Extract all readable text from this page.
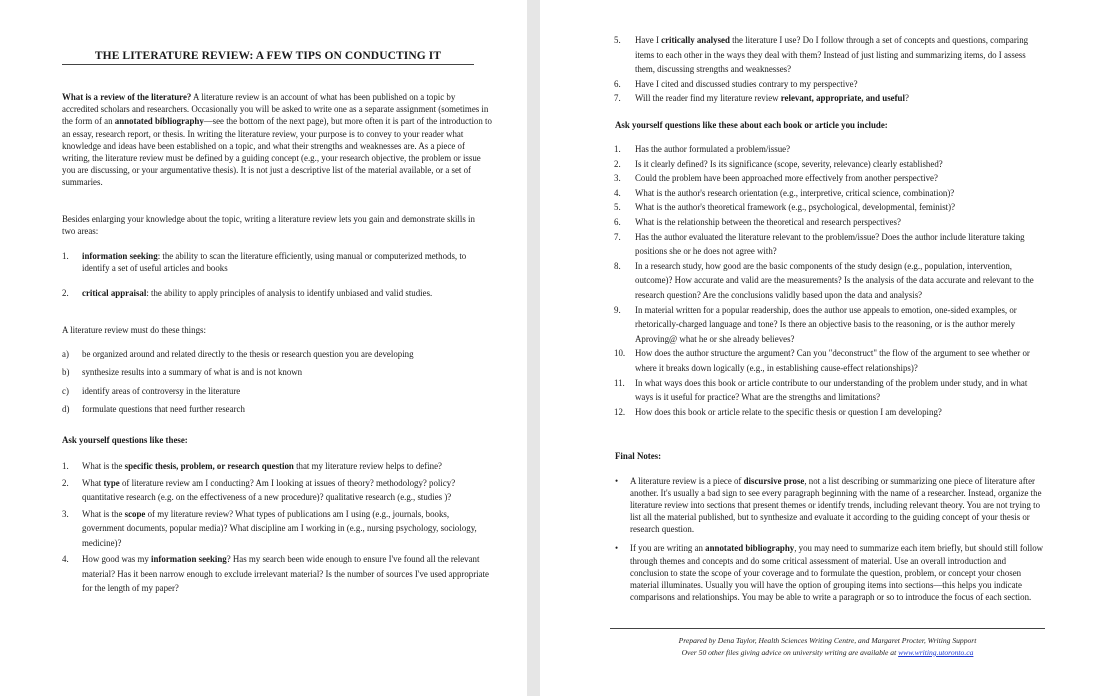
THE LITERATURE REVIEW: A FEW TIPS ON CONDUCTING IT
What is a review of the literature? A literature review is an account of what has been published on a topic by accredited scholars and researchers. Occasionally you will be asked to write one as a separate assignment (sometimes in the form of an annotated bibliography—see the bottom of the next page), but more often it is part of the introduction to an essay, research report, or thesis. In writing the literature review, your purpose is to convey to your reader what knowledge and ideas have been established on a topic, and what their strengths and weaknesses are. As a piece of writing, the literature review must be defined by a guiding concept (e.g., your research objective, the problem or issue you are discussing, or your argumentative thesis). It is not just a descriptive list of the material available, or a set of summaries.
Besides enlarging your knowledge about the topic, writing a literature review lets you gain and demonstrate skills in two areas:
1. information seeking: the ability to scan the literature efficiently, using manual or computerized methods, to identify a set of useful articles and books
2. critical appraisal: the ability to apply principles of analysis to identify unbiased and valid studies.
A literature review must do these things:
a) be organized around and related directly to the thesis or research question you are developing
b) synthesize results into a summary of what is and is not known
c) identify areas of controversy in the literature
d) formulate questions that need further research
Ask yourself questions like these:
1. What is the specific thesis, problem, or research question that my literature review helps to define?
2. What type of literature review am I conducting? Am I looking at issues of theory? methodology? policy? quantitative research (e.g. on the effectiveness of a new procedure)? qualitative research (e.g., studies )?
3. What is the scope of my literature review? What types of publications am I using (e.g., journals, books, government documents, popular media)? What discipline am I working in (e.g., nursing psychology, sociology, medicine)?
4. How good was my information seeking? Has my search been wide enough to ensure I've found all the relevant material? Has it been narrow enough to exclude irrelevant material? Is the number of sources I've used appropriate for the length of my paper?
5. Have I critically analysed the literature I use? Do I follow through a set of concepts and questions, comparing items to each other in the ways they deal with them? Instead of just listing and summarizing items, do I assess them, discussing strengths and weaknesses?
6. Have I cited and discussed studies contrary to my perspective?
7. Will the reader find my literature review relevant, appropriate, and useful?
Ask yourself questions like these about each book or article you include:
1. Has the author formulated a problem/issue?
2. Is it clearly defined? Is its significance (scope, severity, relevance) clearly established?
3. Could the problem have been approached more effectively from another perspective?
4. What is the author's research orientation (e.g., interpretive, critical science, combination)?
5. What is the author's theoretical framework (e.g., psychological, developmental, feminist)?
6. What is the relationship between the theoretical and research perspectives?
7. Has the author evaluated the literature relevant to the problem/issue? Does the author include literature taking positions she or he does not agree with?
8. In a research study, how good are the basic components of the study design (e.g., population, intervention, outcome)? How accurate and valid are the measurements? Is the analysis of the data accurate and relevant to the research question? Are the conclusions validly based upon the data and analysis?
9. In material written for a popular readership, does the author use appeals to emotion, one-sided examples, or rhetorically-charged language and tone? Is there an objective basis to the reasoning, or is the author merely Aproving@ what he or she already believes?
10. How does the author structure the argument? Can you "deconstruct" the flow of the argument to see whether or where it breaks down logically (e.g., in establishing cause-effect relationships)?
11. In what ways does this book or article contribute to our understanding of the problem under study, and in what ways is it useful for practice? What are the strengths and limitations?
12. How does this book or article relate to the specific thesis or question I am developing?
Final Notes:
• A literature review is a piece of discursive prose, not a list describing or summarizing one piece of literature after another. It's usually a bad sign to see every paragraph beginning with the name of a researcher. Instead, organize the literature review into sections that present themes or identify trends, including relevant theory. You are not trying to list all the material published, but to synthesize and evaluate it according to the guiding concept of your thesis or research question.
• If you are writing an annotated bibliography, you may need to summarize each item briefly, but should still follow through themes and concepts and do some critical assessment of material. Use an overall introduction and conclusion to state the scope of your coverage and to formulate the question, problem, or concept your chosen material illuminates. Usually you will have the option of grouping items into sections—this helps you indicate comparisons and relationships. You may be able to write a paragraph or so to introduce the focus of each section.
Prepared by Dena Taylor, Health Sciences Writing Centre, and Margaret Procter, Writing Support
Over 50 other files giving advice on university writing are available at www.writing.utoronto.ca
